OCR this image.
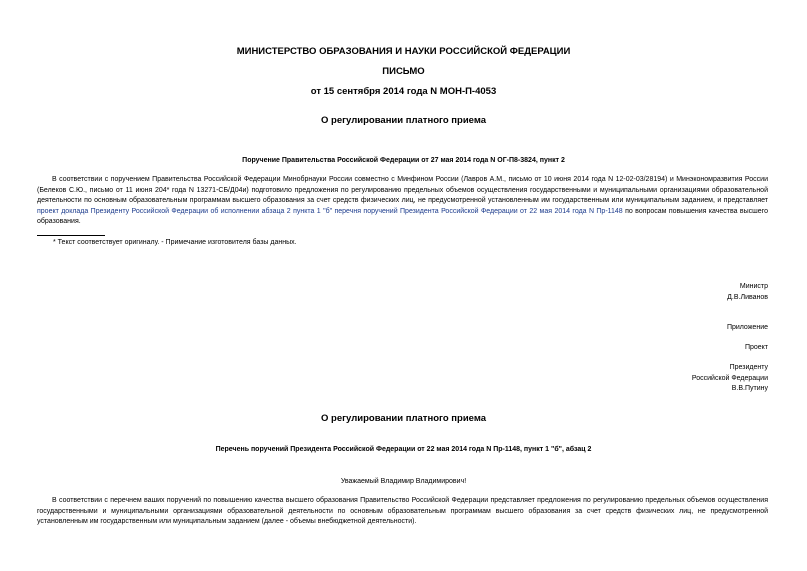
МИНИСТЕРСТВО ОБРАЗОВАНИЯ И НАУКИ РОССИЙСКОЙ ФЕДЕРАЦИИ
ПИСЬМО
от 15 сентября 2014 года N МОН-П-4053
О регулировании платного приема
Поручение Правительства Российской Федерации от 27 мая 2014 года N ОГ-П8-3824, пункт 2
В соответствии с поручением Правительства Российской Федерации Минобрнауки России совместно с Минфином России (Лавров А.М., письмо от 10 июня 2014 года N 12-02-03/28194) и Минэкономразвития России (Белеков С.Ю., письмо от 11 июня 204* года N 13271-СБ/Д04и) подготовило предложения по регулированию предельных объемов осуществления государственными и муниципальными организациями образовательной деятельности по основным образовательным программам высшего образования за счет средств физических лиц, не предусмотренной установленным им государственным или муниципальным заданием, и представляет проект доклада Президенту Российской Федерации об исполнении абзаца 2 пункта 1 "б" перечня поручений Президента Российской Федерации от 22 мая 2014 года N Пр-1148 по вопросам повышения качества высшего образования.
* Текст соответствует оригиналу. - Примечание изготовителя базы данных.
Министр
Д.В.Ливанов
Приложение
Проект
Президенту
Российской Федерации
В.В.Путину
О регулировании платного приема
Перечень поручений Президента Российской Федерации от 22 мая 2014 года N Пр-1148, пункт 1 "б", абзац 2
Уважаемый Владимир Владимирович!
В соответствии с перечнем ваших поручений по повышению качества высшего образования Правительство Российской Федерации представляет предложения по регулированию предельных объемов осуществления государственными и муниципальными организациями образовательной деятельности по основным образовательным программам высшего образования за счет средств физических лиц, не предусмотренной установленным им государственным или муниципальным заданием (далее - объемы внебюджетной деятельности).
